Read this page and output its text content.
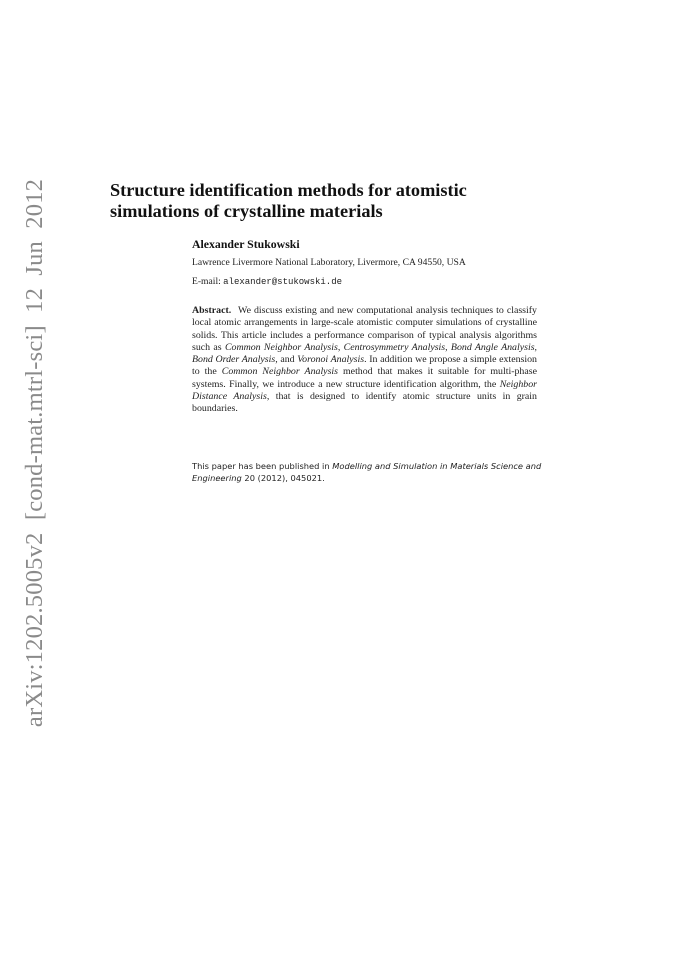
arXiv:1202.5005v2 [cond-mat.mtrl-sci] 12 Jun 2012	Structure identification methods for atomistic
simulations of crystalline materials
Alexander Stukowski
Lawrence Livermore National Laboratory, Livermore, CA 94550, USA
E-mail: alexander@stukowski.de
Abstract. We discuss existing and new computational analysis techniques to classify local atomic arrangements in large-scale atomistic computer simulations of crystalline solids. This article includes a performance comparison of typical analysis algorithms such as Common Neighbor Analysis, Centrosymmetry Analysis, Bond Angle Analysis, Bond Order Analysis, and Voronoi Analysis. In addition we propose a simple extension to the Common Neighbor Analysis method that makes it suitable for multi-phase systems. Finally, we introduce a new structure identification algorithm, the Neighbor Distance Analysis, that is designed to identify atomic structure units in grain boundaries.
This paper has been published in Modelling and Simulation in Materials Science and Engineering 20 (2012), 045021.
